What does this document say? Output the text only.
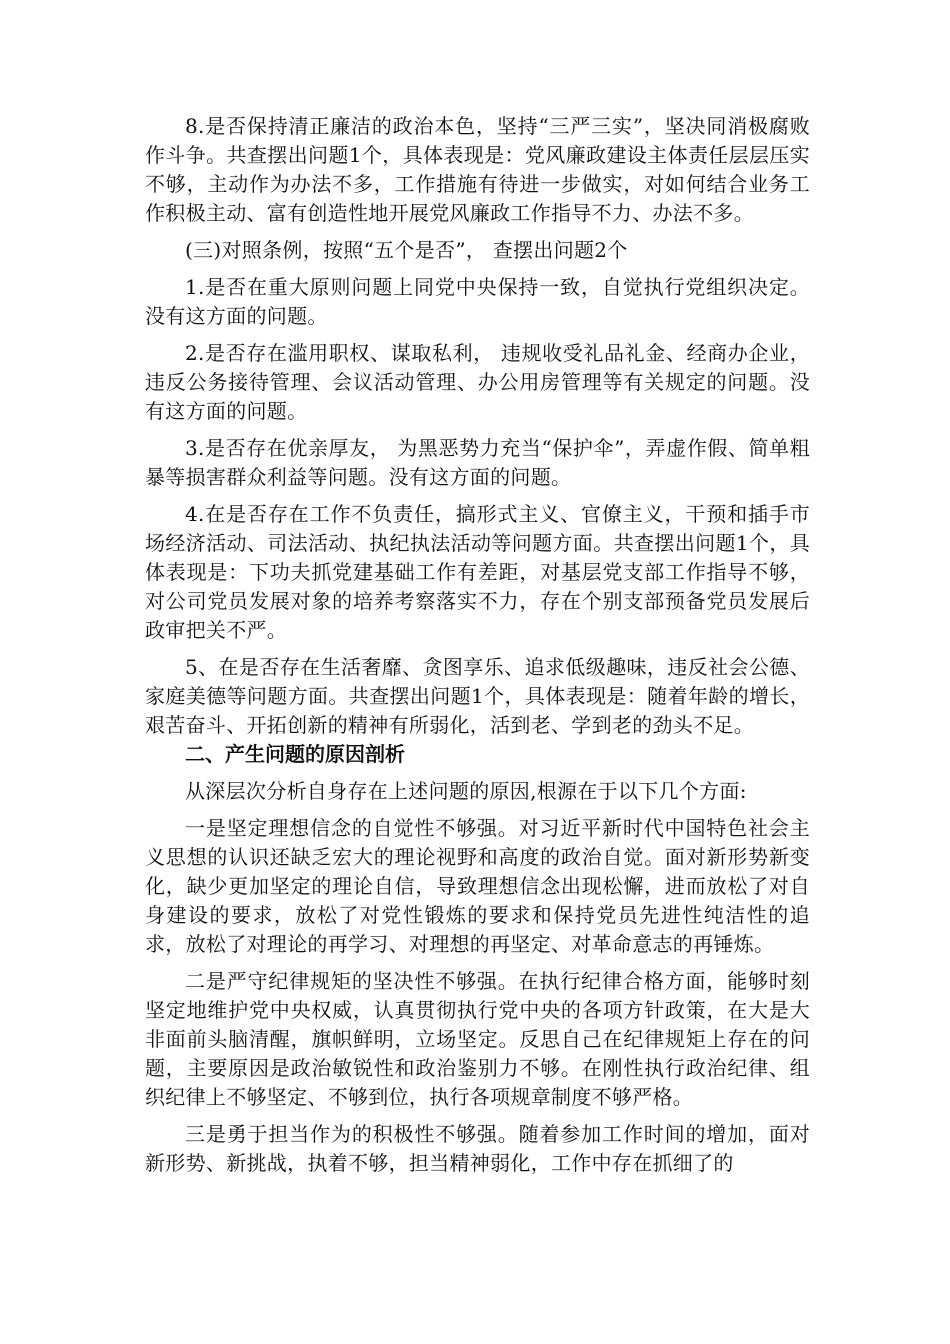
8.是否保持清正廉洁的政治本色，坚持“三严三实”，坚决同消极腐败作斗争。共查摆出问题1个，具体表现是：党风廉政建设主体责任层层压实不够，主动作为办法不多，工作措施有待进一步做实，对如何结合业务工作积极主动、富有创造性地开展党风廉政工作指导不力、办法不多。

(三)对照条例，按照“五个是否”， 查摆出问题2个

1.是否在重大原则问题上同党中央保持一致，自觉执行党组织决定。没有这方面的问题。

2.是否存在滥用职权、谋取私利， 违规收受礼品礼金、经商办企业，违反公务接待管理、会议活动管理、办公用房管理等有关规定的问题。没有这方面的问题。

3.是否存在优亲厚友， 为黑恶势力充当“保护伞”，弄虚作假、简单粗暴等损害群众利益等问题。没有这方面的问题。

4.在是否存在工作不负责任，搞形式主义、官僚主义，干预和插手市场经济活动、司法活动、执纪执法活动等问题方面。共查摆出问题1个，具体表现是：下功夫抓党建基础工作有差距，对基层党支部工作指导不够，对公司党员发展对象的培养考察落实不力，存在个别支部预备党员发展后政审把关不严。

5、在是否存在生活奢靡、贪图享乐、追求低级趣味，违反社会公德、家庭美德等问题方面。共查摆出问题1个，具体表现是：随着年龄的增长，艰苦奋斗、开拓创新的精神有所弱化，活到老、学到老的劲头不足。

二、产生问题的原因剖析

从深层次分析自身存在上述问题的原因,根源在于以下几个方面:

一是坚定理想信念的自觉性不够强。对习近平新时代中国特色社会主义思想的认识还缺乏宏大的理论视野和高度的政治自觉。面对新形势新变化，缺少更加坚定的理论自信，导致理想信念出现松懈，进而放松了对自身建设的要求，放松了对党性锻炼的要求和保持党员先进性纯洁性的追求，放松了对理论的再学习、对理想的再坚定、对革命意志的再锤炼。

二是严守纪律规矩的坚决性不够强。在执行纪律合格方面，能够时刻坚定地维护党中央权威，认真贯彻执行党中央的各项方针政策，在大是大非面前头脑清醒，旗帜鲜明，立场坚定。反思自己在纪律规矩上存在的问题，主要原因是政治敏锐性和政治鉴别力不够。在刚性执行政治纪律、组织纪律上不够坚定、不够到位，执行各项规章制度不够严格。

三是勇于担当作为的积极性不够强。随着参加工作时间的增加，面对新形势、新挑战，执着不够，担当精神弱化，工作中存在抓细了的
